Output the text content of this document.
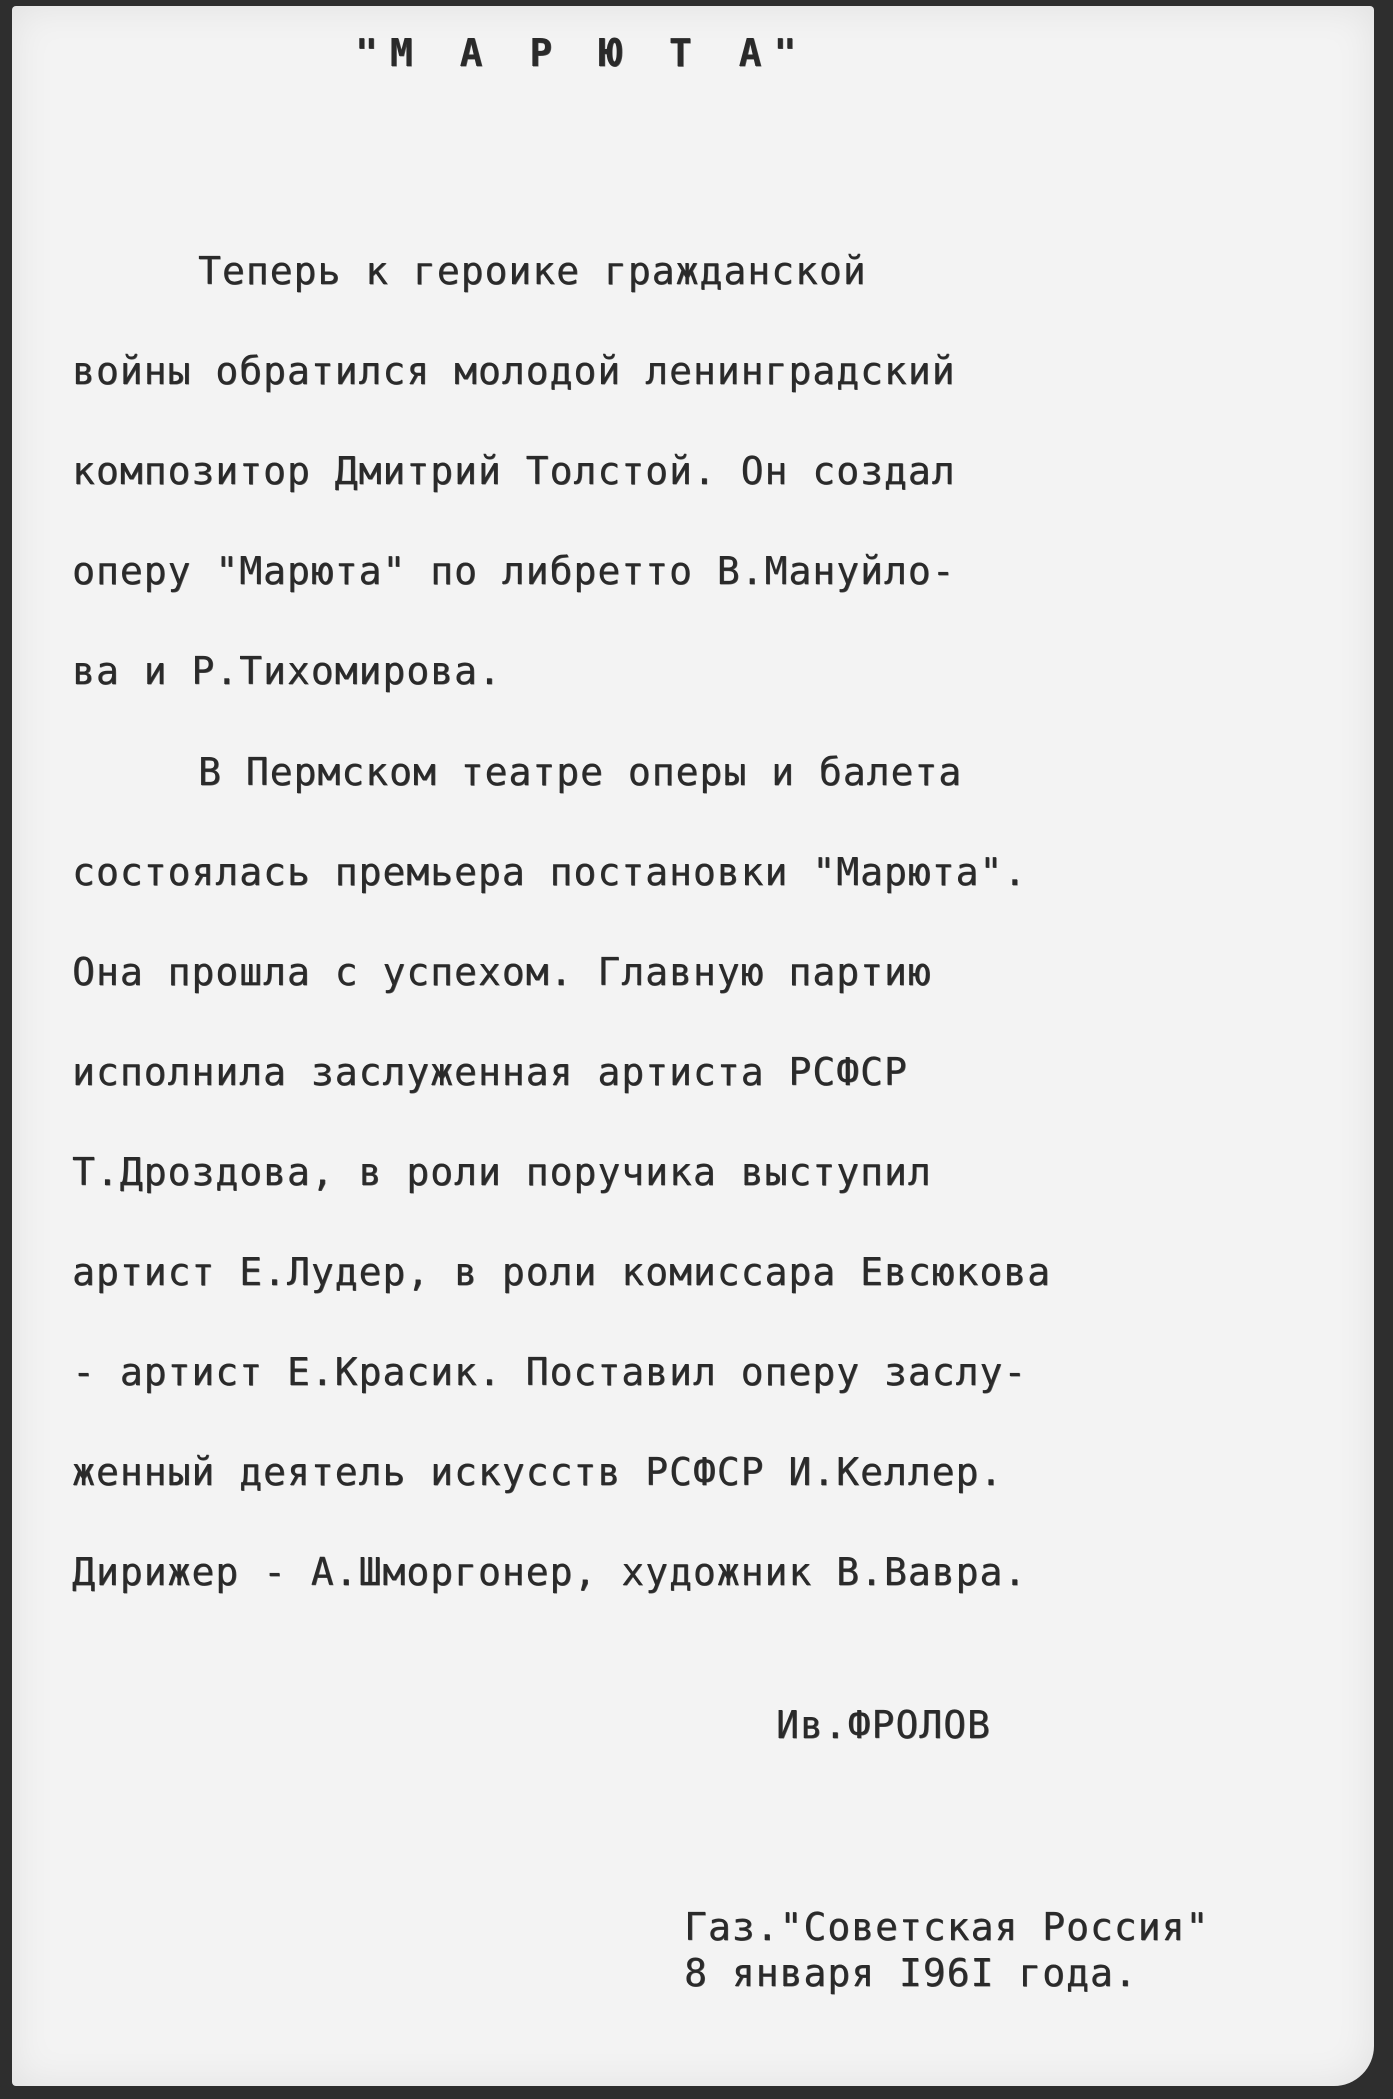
"М А Р Ю Т А"
Теперь к героике гражданской
войны обратился молодой ленинградский
композитор Дмитрий Толстой. Он создал
оперу "Марюта" по либретто В.Мануйло-
ва и Р.Тихомирова.
В Пермском театре оперы и балета
состоялась премьера постановки "Марюта".
Она прошла с успехом. Главную партию
исполнила заслуженная артиста РСФСР
Т.Дроздова, в роли поручика выступил
артист Е.Лудер, в роли комиссара Евсюкова
- артист Е.Красик. Поставил оперу заслу-
женный деятель искусств РСФСР И.Келлер.
Дирижер - А.Шморгонер, художник В.Вавра.
Ив.ФРОЛОВ
Газ."Советская Россия"
8 января I96I года.
